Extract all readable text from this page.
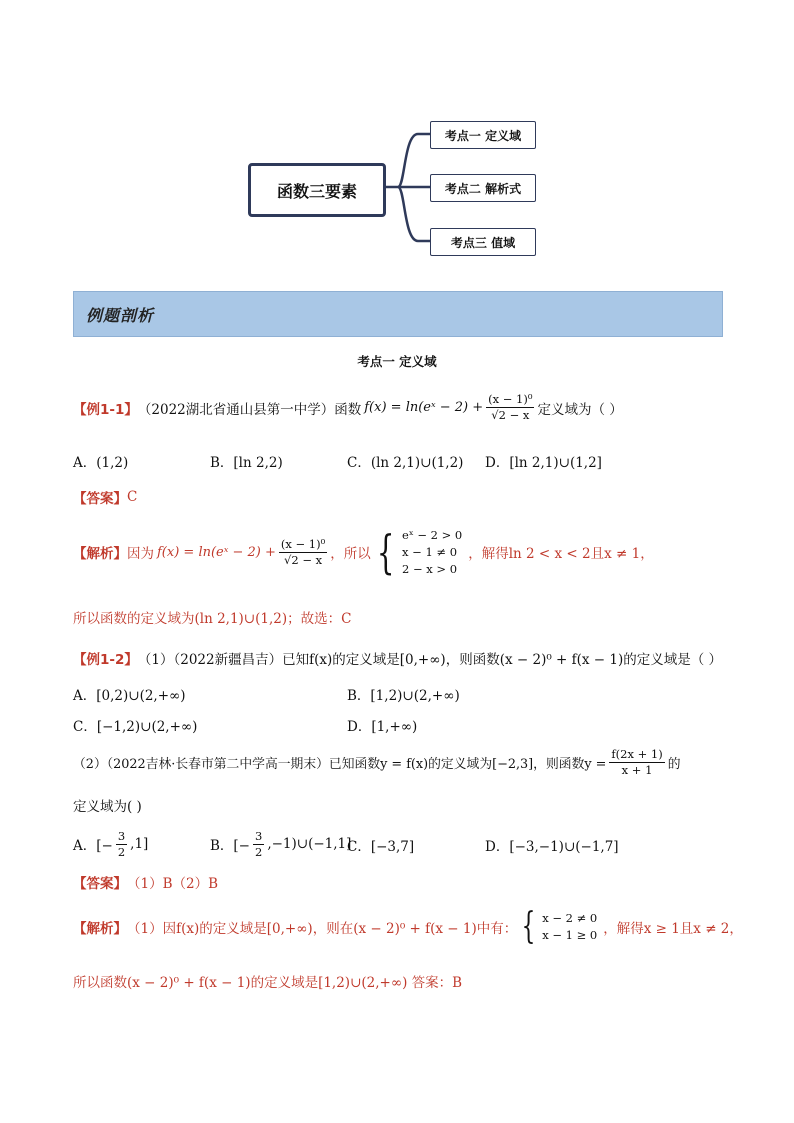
函数三要素
考点一 定义域
考点二 解析式
考点三 值域
例题剖析
考点一 定义域
【例1-1】 （2022湖北省通山县第一中学）函数 f(x) = ln(eˣ − $2) + \frac{\text{(x − 1)⁰}}{√2 - x}$ 定义域为（ ）
A．(1,2)	B．[ln 2,2)	C．(ln 2,1)∪(1,2) D．[ln 2,1)∪(1,2]
【答案】 C
【解析】 因为 f(x) = ln(eˣ − $2) + \frac{\text{(x − 1)⁰}}{√2 - x}$ ，所以 { eˣ − 2 > 0
x − 1 ≠ 0
2 − x > 0
，解得ln 2 < x < 2且x ≠ 1，
所以函数的定义域为(ln 2,1)∪(1,2)；故选：C
【例1-2】 （1）（2022新疆昌吉）已知f(x)的定义域是[0,+∞)，则函数(x − 2)⁰ + f(x − 1)的定义域是（ ）
A．[0,2)∪(2,+∞)	B．[1,2)∪(2,+∞)
C．[−1,2)∪(2,+∞)	D．[1,+∞)
（2）（2022吉林·长春市第二中学高一期末）已知函数y = f(x)的定义域为[−2,3]，则函数$y = \frac{f(2x + 1)}{x + 1}$ 的
定义域为( )
A．[− $\frac{3}{2} ,1$]	B．[− $\frac{3}{2}$ ,−1)∪(−1,1]
C．[−3,7]	D．[−3,−1)∪(−1,7]
【答案】 （1）B（2）B
【解析】 （1）因f(x)的定义域是[0,+∞)，则在(x − 2)⁰ + f(x − 1)中有： { x − 2 ≠ 0
x − 1 ≥ 0 ，解得x ≥ 1且x ≠ 2，
所以函数(x − 2)⁰ + f(x − 1)的定义域是[1,2)∪(2,+∞) 答案：B
